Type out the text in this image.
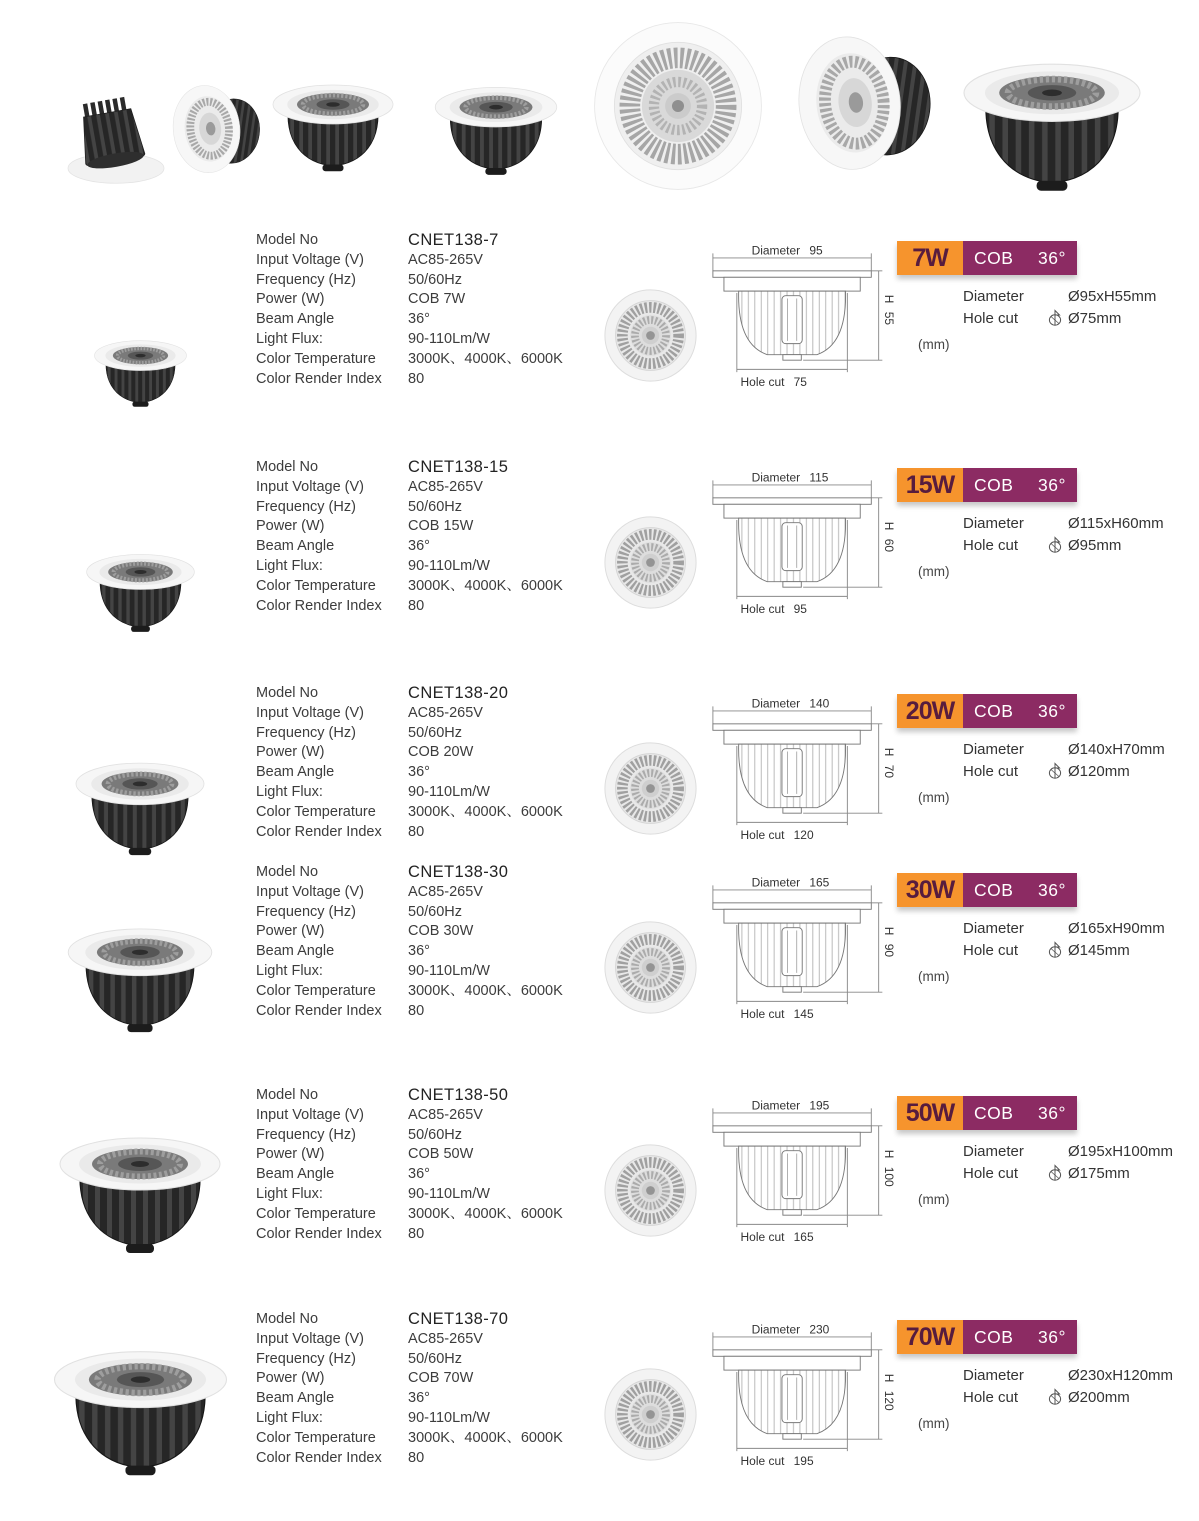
Model No	CNET138-7
Input Voltage (V)	AC85-265V
Frequency (Hz)	50/60Hz
Power (W)	COB 7W
Beam Angle	36°
Light Flux:	90-110Lm/W
Color Temperature	3000K、4000K、6000K
Color Render Index	80
Diameter 95
H55
Hole cut 75
7W	COB 36°
Diameter	Ø95xH55mm
Hole cut	Ø75mm
(mm)
Model No	CNET138-15
Input Voltage (V)	AC85-265V
Frequency (Hz)	50/60Hz
Power (W)	COB 15W
Beam Angle	36°
Light Flux:	90-110Lm/W
Color Temperature	3000K、4000K、6000K
Color Render Index	80
Diameter 115
H60
Hole cut 95
15W	COB 36°
Diameter	Ø115xH60mm
Hole cut	Ø95mm
(mm)
Model No	CNET138-20
Input Voltage (V)	AC85-265V
Frequency (Hz)	50/60Hz
Power (W)	COB 20W
Beam Angle	36°
Light Flux:	90-110Lm/W
Color Temperature	3000K、4000K、6000K
Color Render Index	80
Diameter 140
H70
Hole cut 120
20W	COB 36°
Diameter	Ø140xH70mm
Hole cut	Ø120mm
(mm)
Model No	CNET138-30
Input Voltage (V)	AC85-265V
Frequency (Hz)	50/60Hz
Power (W)	COB 30W
Beam Angle	36°
Light Flux:	90-110Lm/W
Color Temperature	3000K、4000K、6000K
Color Render Index	80
Diameter 165
H90
Hole cut 145
30W	COB 36°
Diameter	Ø165xH90mm
Hole cut	Ø145mm
(mm)
Model No	CNET138-50
Input Voltage (V)	AC85-265V
Frequency (Hz)	50/60Hz
Power (W)	COB 50W
Beam Angle	36°
Light Flux:	90-110Lm/W
Color Temperature	3000K、4000K、6000K
Color Render Index	80
Diameter 195
H100
Hole cut 165
50W	COB 36°
Diameter	Ø195xH100mm
Hole cut	Ø175mm
(mm)
Model No	CNET138-70
Input Voltage (V)	AC85-265V
Frequency (Hz)	50/60Hz
Power (W)	COB 70W
Beam Angle	36°
Light Flux:	90-110Lm/W
Color Temperature	3000K、4000K、6000K
Color Render Index	80
Diameter 230
H120
Hole cut 195
70W	COB 36°
Diameter	Ø230xH120mm
Hole cut	Ø200mm
(mm)
